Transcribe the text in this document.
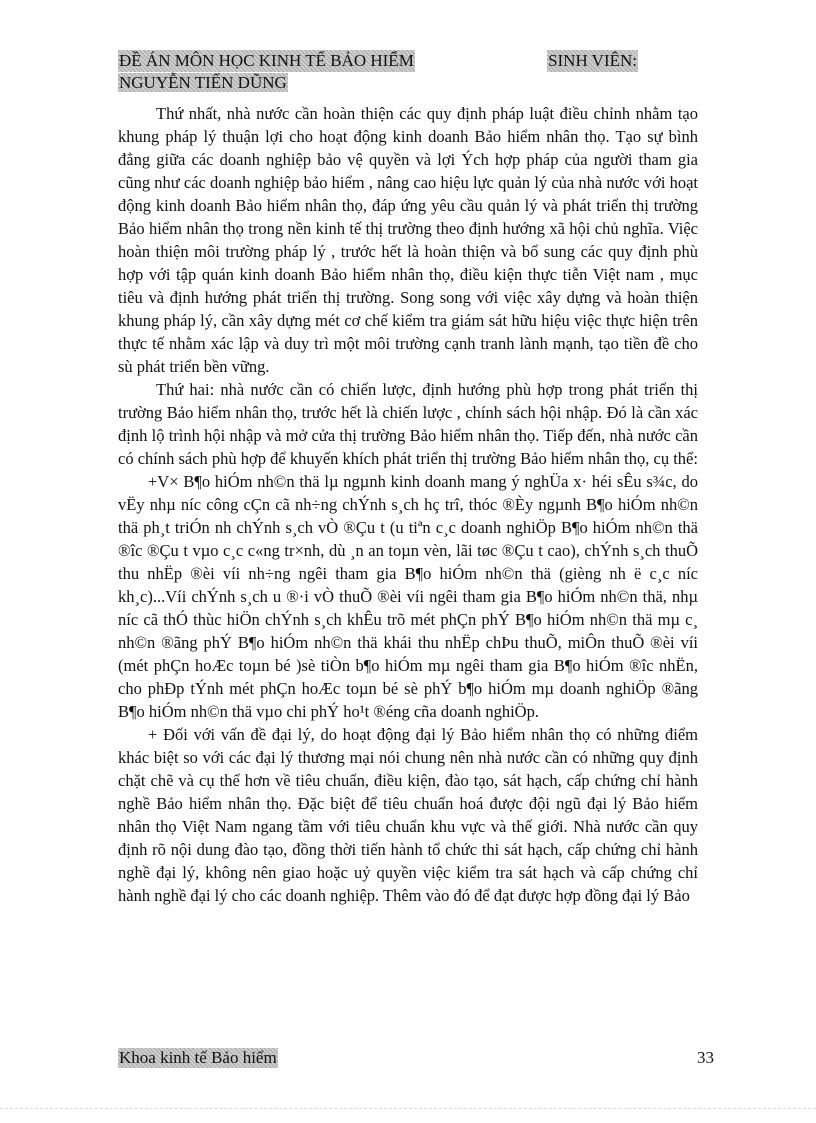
ĐỀ ÁN MÔN HỌC KINH TẾ BẢO HIỂM	SINH VIÊN:
NGUYỄN TIẾN DŨNG

Thứ nhất, nhà nước cần hoàn thiện các quy định pháp luật điều chỉnh nhằm tạo khung pháp lý thuận lợi cho hoạt động kinh doanh Bảo hiểm nhân thọ. Tạo sự bình đẳng giữa các doanh nghiệp bảo vệ quyền và lợi Ých hợp pháp của người tham gia cũng như các doanh nghiệp bảo hiểm , nâng cao hiệu lực quản lý của nhà nước với hoạt động kinh doanh Bảo hiểm nhân thọ, đáp ứng yêu cầu quản lý và phát triển thị trường Bảo hiểm nhân thọ trong nền kinh tế thị trường theo định hướng xã hội chủ nghĩa. Việc hoàn thiện môi trường pháp lý , trước hết là hoàn thiện và bổ sung các quy định phù hợp với tập quán kinh doanh Bảo hiểm nhân thọ, điều kiện thực tiễn Việt nam , mục tiêu và định hướng phát triển thị trường. Song song với việc xây dựng và hoàn thiện khung pháp lý, cần xây dựng mét cơ chế kiểm tra giám sát hữu hiệu việc thực hiện trên thực tế nhằm xác lập và duy trì một môi trường cạnh tranh lành mạnh, tạo tiền đề cho sù phát triển bền vững.

Thứ hai: nhà nước cần có chiến lược, định hướng phù hợp trong phát triển thị trường Bảo hiểm nhân thọ, trước hết là chiến lược , chính sách hội nhập. Đó là cần xác định lộ trình hội nhập và mở cửa thị trường Bảo hiểm nhân thọ. Tiếp đến, nhà nước cần có chính sách phù hợp để khuyến khích phát triển thị trường Bảo hiểm nhân thọ, cụ thể:

+V× B¶o hiÓm nh©n thä lµ ngµnh kinh doanh mang ý nghÜa x· héi sÊu s¾c, do vËy nhµ níc công cÇn cã nh÷ng chÝnh s¸ch hç trî, thóc ®Èy ngµnh B¶o hiÓm nh©n thä ph¸t triÓn nh chÝnh s¸ch vÒ ®Çu t (u tiªn c¸c doanh nghiÖp B¶o hiÓm nh©n thä ®îc ®Çu t vµo c¸c c«ng tr×nh, dù ¸n an toµn vèn, lãi tøc ®Çu t cao), chÝnh s¸ch thuÕ thu nhËp ®èi víi nh÷ng ngêi tham gia B¶o hiÓm nh©n thä (gièng nh ë c¸c níc kh¸c)...Víi chÝnh s¸ch u ®·i vÒ thuÕ ®èi víi ngêi tham gia B¶o hiÓm nh©n thä, nhµ níc cã thÓ thùc hiÖn chÝnh s¸ch khÊu trõ mét phÇn phÝ B¶o hiÓm nh©n thä mµ c¸ nh©n ®ãng phÝ B¶o hiÓm nh©n thä khái thu nhËp chÞu thuÕ, miÔn thuÕ ®èi víi (mét phÇn hoÆc toµn bé )sè tiÒn b¶o hiÓm mµ ngêi tham gia B¶o hiÓm ®îc nhËn, cho phÐp tÝnh mét phÇn hoÆc toµn bé sè phÝ b¶o hiÓm mµ doanh nghiÖp ®ãng B¶o hiÓm nh©n thä vµo chi phÝ ho¹t ®éng cña doanh nghiÖp.

+ Đối với vấn đề đại lý, do hoạt động đại lý Bảo hiểm nhân thọ có những điểm khác biệt so với các đại lý thương mại nói chung nên nhà nước cần có những quy định chặt chẽ và cụ thể hơn về tiêu chuẩn, điều kiện, đào tạo, sát hạch, cấp chứng chỉ hành nghề Bảo hiểm nhân thọ. Đặc biệt để tiêu chuẩn hoá được đội ngũ đại lý Bảo hiểm nhân thọ Việt Nam ngang tầm với tiêu chuẩn khu vực và thế giới. Nhà nước cần quy định rõ nội dung đào tạo, đồng thời tiến hành tổ chức thi sát hạch, cấp chứng chỉ hành nghề đại lý, không nên giao hoặc uỷ quyền việc kiểm tra sát hạch và cấp chứng chỉ hành nghề đại lý cho các doanh nghiệp. Thêm vào đó để đạt được hợp đồng đại lý Bảo

Khoa kinh tế Bảo hiểm	33
